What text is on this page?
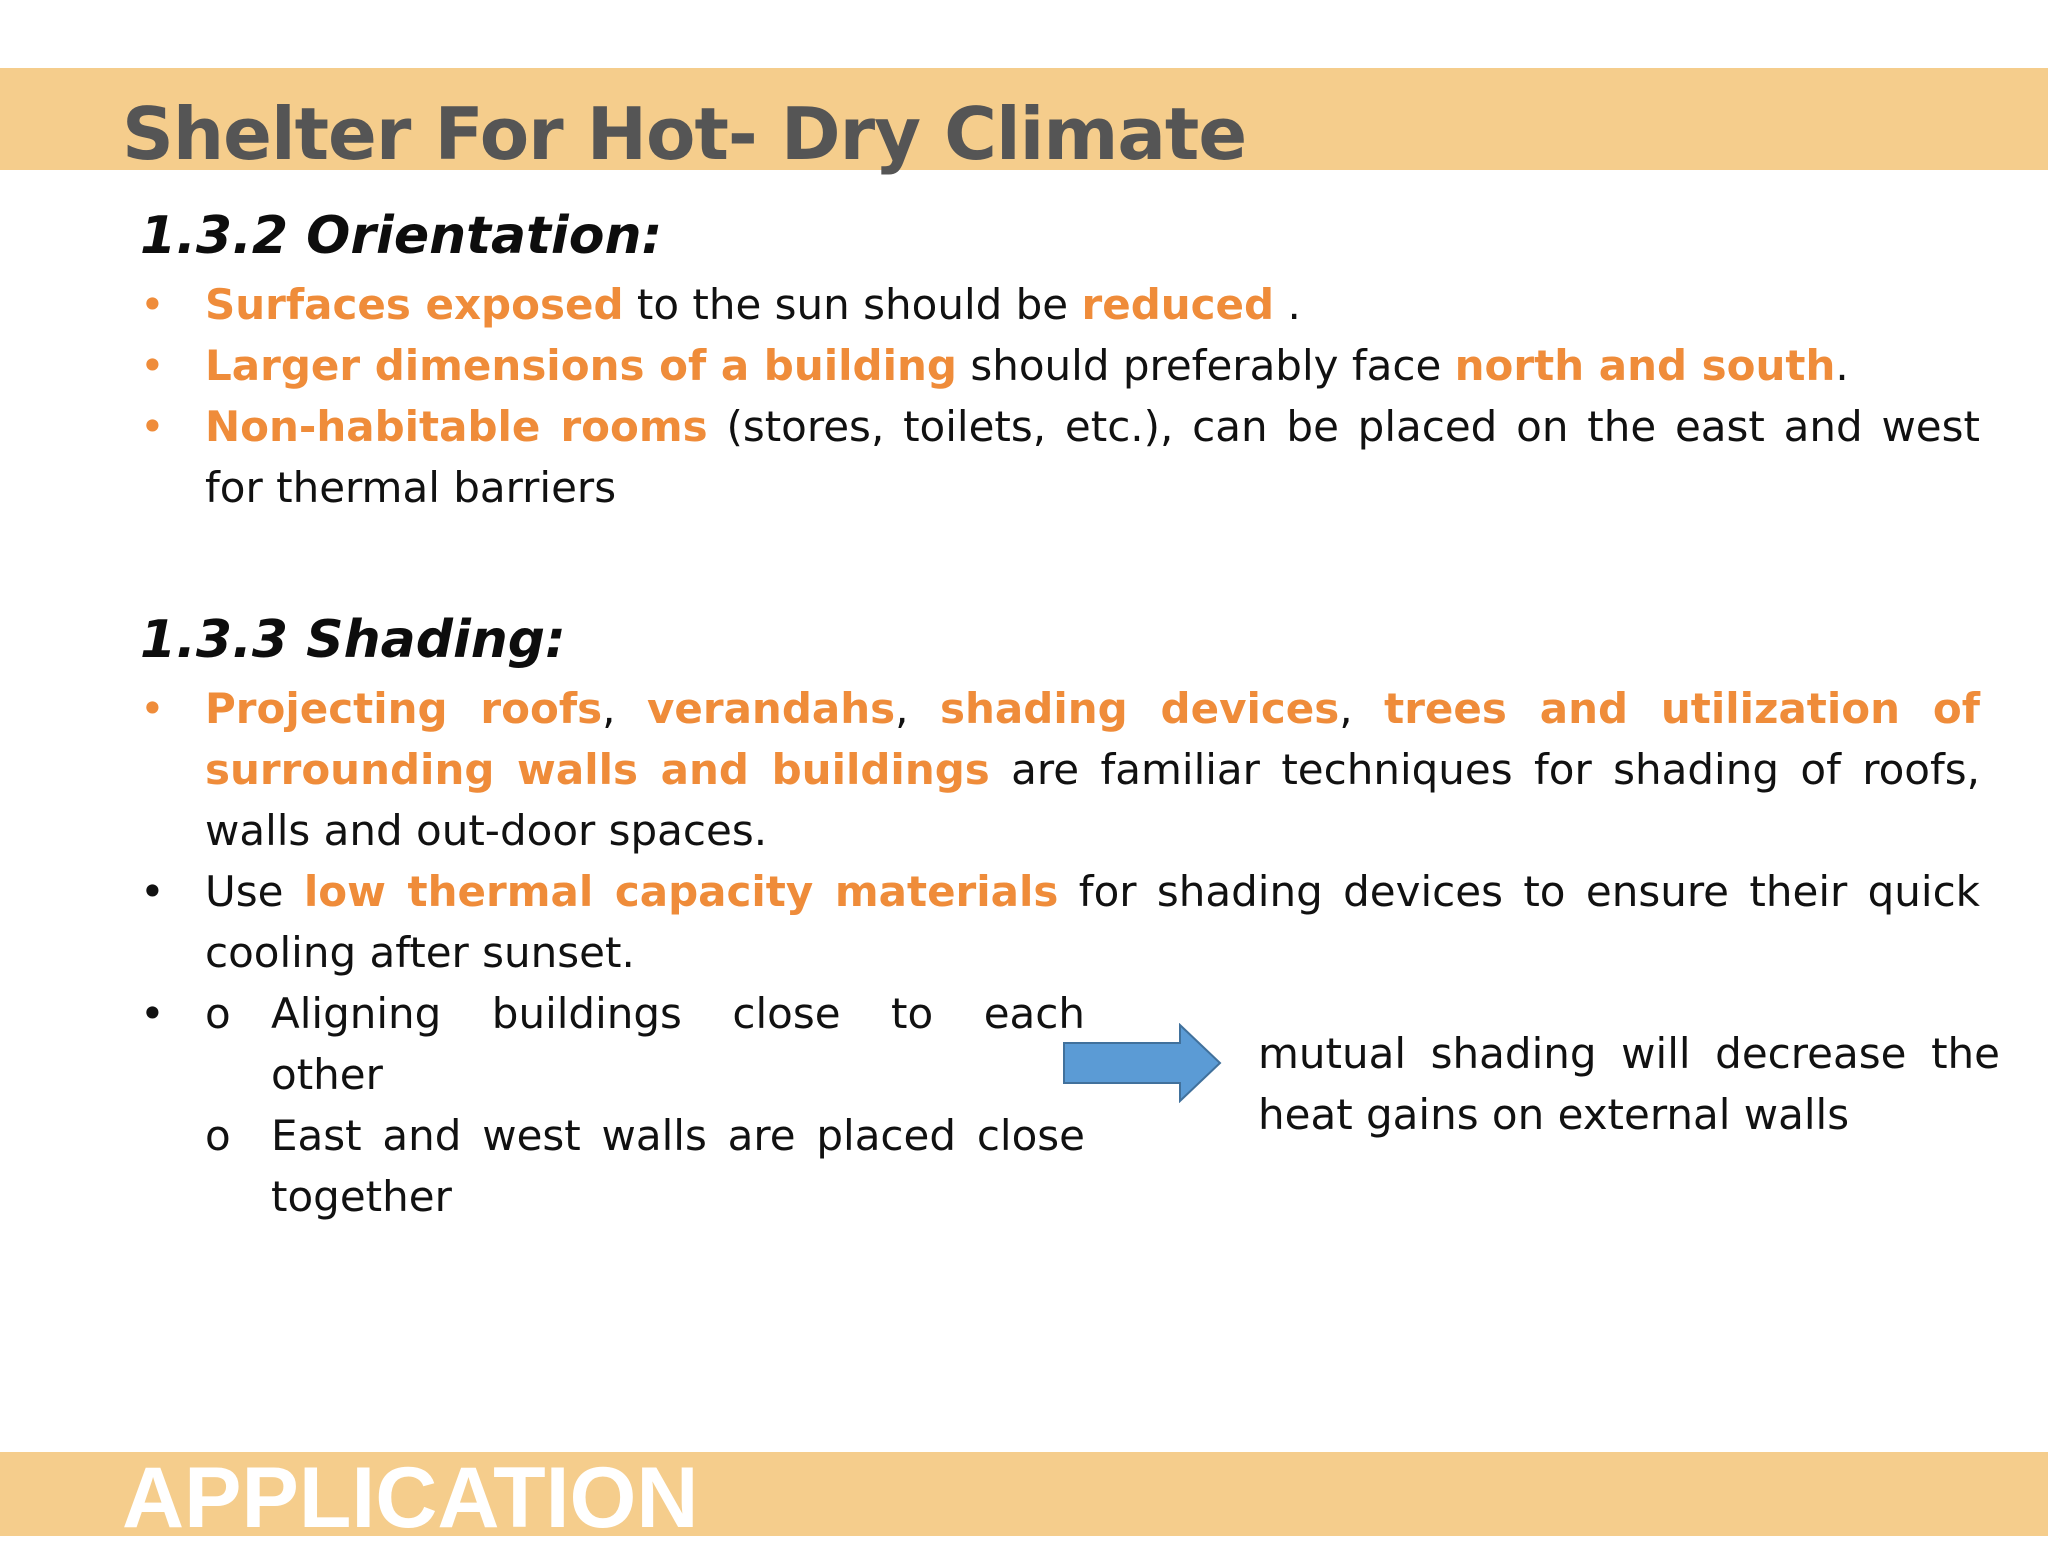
Shelter For Hot- Dry Climate
1.3.2 Orientation:
• Surfaces exposed to the sun should be reduced .
• Larger dimensions of a building should preferably face north and south.
• Non-habitable rooms (stores, toilets, etc.), can be placed on the east and west for thermal barriers
1.3.3 Shading:
• Projecting roofs, verandahs, shading devices, trees and utilization of surrounding walls and buildings are familiar techniques for shading of roofs, walls and out-door spaces.
• Use low thermal capacity materials for shading devices to ensure their quick cooling after sunset.
• o Aligning buildings close to each
other
o East and west walls are placed close together
mutual shading will decrease the
heat gains on external walls
APPLICATION
